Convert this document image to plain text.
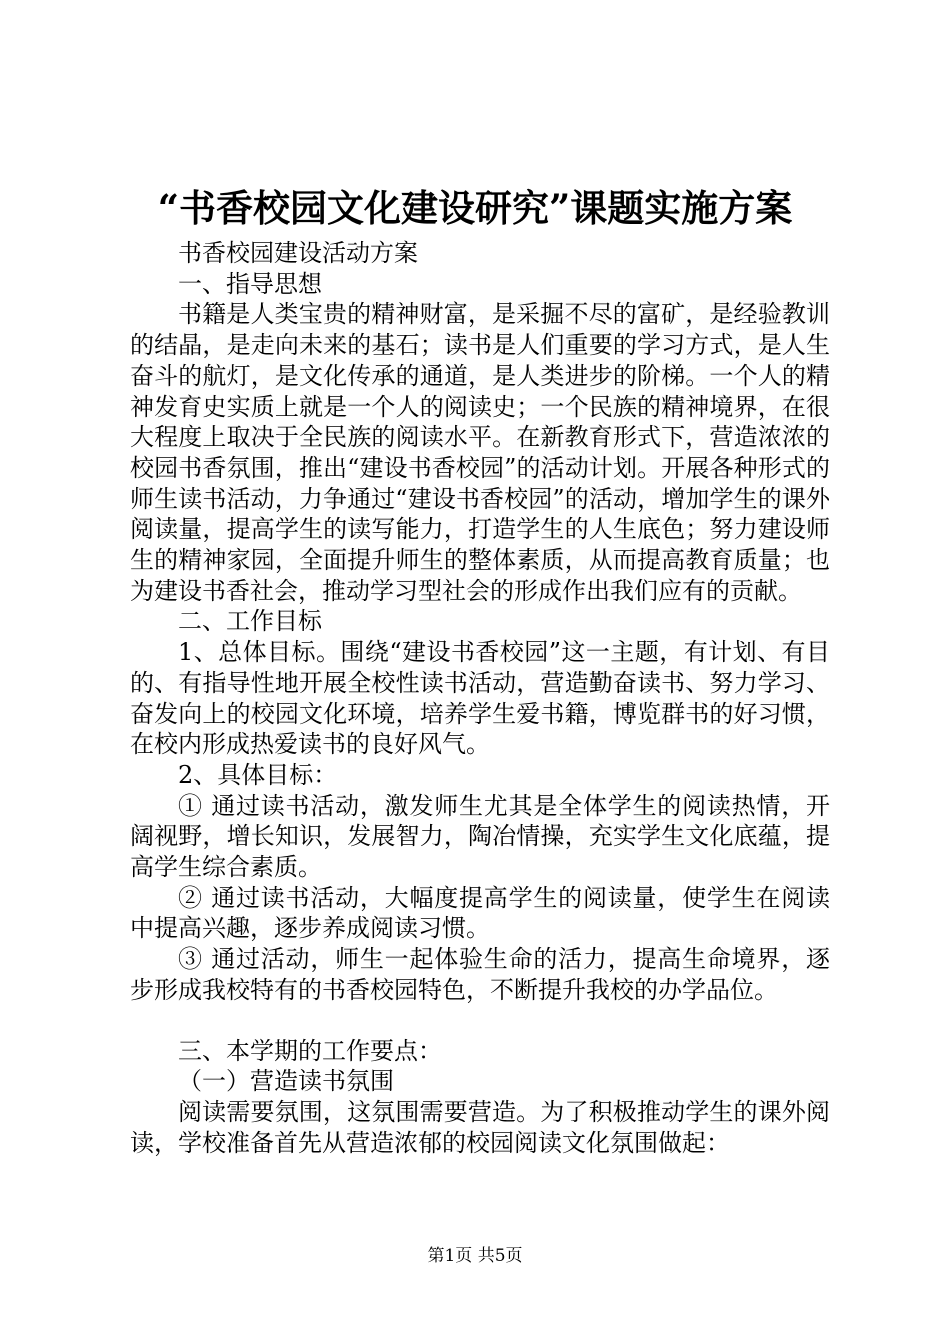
“书香校园文化建设研究”课题实施方案

书香校园建设活动方案

一、指导思想

书籍是人类宝贵的精神财富，是采掘不尽的富矿，是经验教训的结晶，是走向未来的基石；读书是人们重要的学习方式，是人生奋斗的航灯，是文化传承的通道，是人类进步的阶梯。一个人的精神发育史实质上就是一个人的阅读史；一个民族的精神境界，在很大程度上取决于全民族的阅读水平。在新教育形式下，营造浓浓的校园书香氛围，推出“建设书香校园”的活动计划。开展各种形式的师生读书活动，力争通过“建设书香校园”的活动，增加学生的课外阅读量，提高学生的读写能力，打造学生的人生底色；努力建设师生的精神家园，全面提升师生的整体素质，从而提高教育质量；也为建设书香社会，推动学习型社会的形成作出我们应有的贡献。

二、工作目标

1、总体目标。围绕“建设书香校园”这一主题，有计划、有目的、有指导性地开展全校性读书活动，营造勤奋读书、努力学习、奋发向上的校园文化环境，培养学生爱书籍，博览群书的好习惯，在校内形成热爱读书的良好风气。

2、具体目标：

① 通过读书活动，激发师生尤其是全体学生的阅读热情，开阔视野，增长知识，发展智力，陶冶情操，充实学生文化底蕴，提高学生综合素质。

② 通过读书活动，大幅度提高学生的阅读量，使学生在阅读中提高兴趣，逐步养成阅读习惯。

③ 通过活动，师生一起体验生命的活力，提高生命境界，逐步形成我校特有的书香校园特色，不断提升我校的办学品位。

三、本学期的工作要点：

（一）营造读书氛围

阅读需要氛围，这氛围需要营造。为了积极推动学生的课外阅读，学校准备首先从营造浓郁的校园阅读文化氛围做起：

第1页 共5页
